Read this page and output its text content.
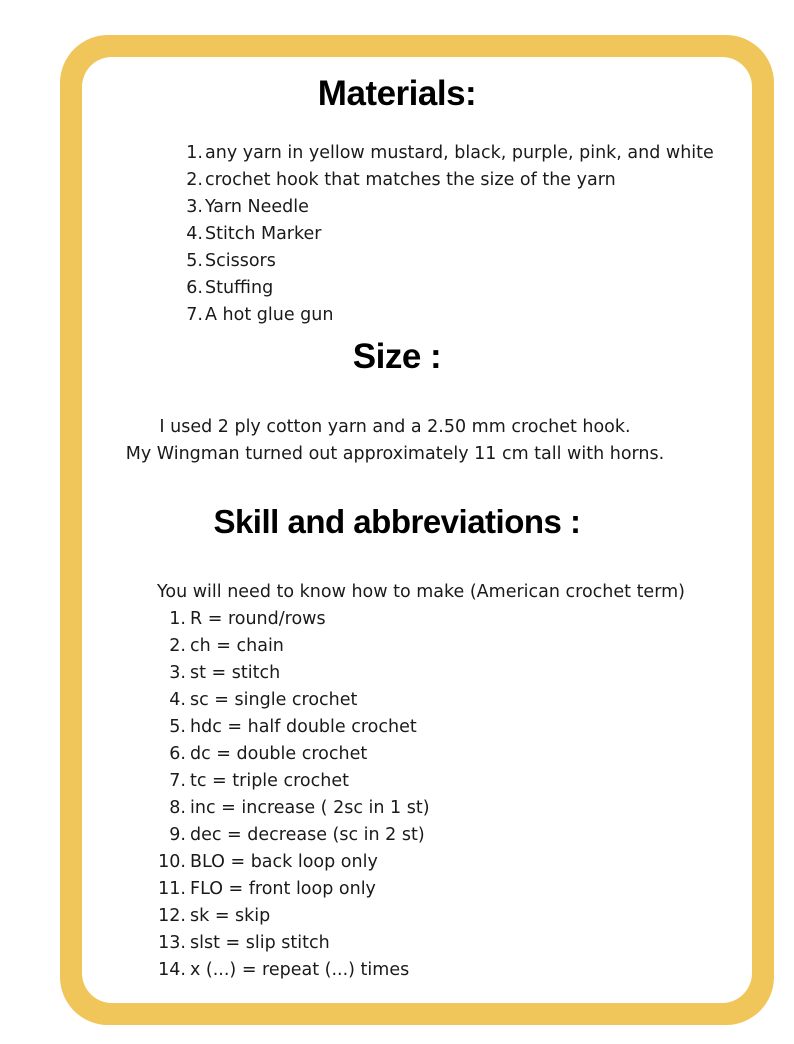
Materials:
1. any yarn in yellow mustard, black, purple, pink, and white
2. crochet hook that matches the size of the yarn
3. Yarn Needle
4. Stitch Marker
5. Scissors
6. Stuffing
7. A hot glue gun
Size :

I used 2 ply cotton yarn and a 2.50 mm crochet hook.

My Wingman turned out approximately 11 cm tall with horns.

Skill and abbreviations :

You will need to know how to make (American crochet term)

1. R = round/rows
2. ch = chain
3. st = stitch
4. sc = single crochet
5. hdc = half double crochet
6. dc = double crochet
7. tc = triple crochet
8. inc = increase ( 2sc in 1 st)
9. dec = decrease (sc in 2 st)
10. BLO = back loop only
11. FLO = front loop only
12. sk = skip
13. slst = slip stitch
14. x (...) = repeat (...) times
